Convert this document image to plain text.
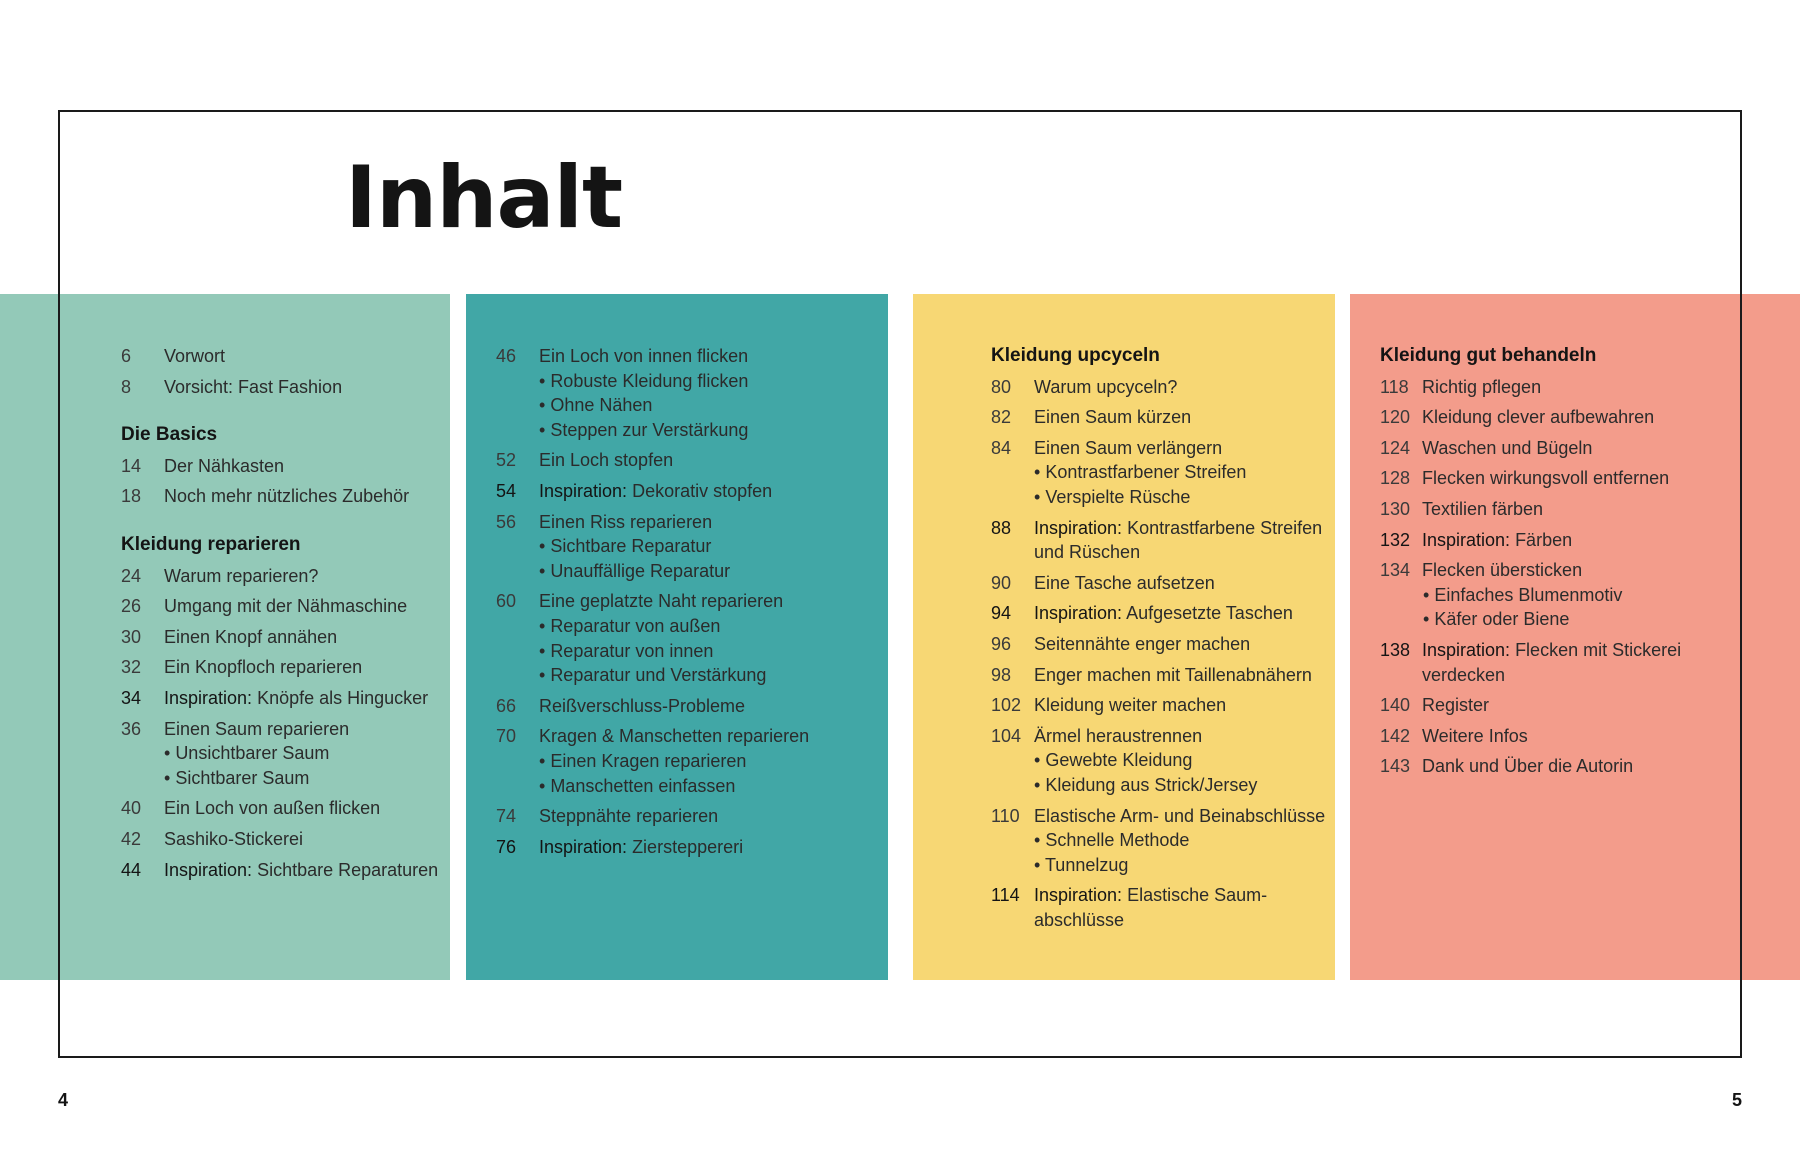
Inhalt
6	Vorwort
8	Vorsicht: Fast Fashion
Die Basics
14	Der Nähkasten
18	Noch mehr nützliches Zubehör
Kleidung reparieren
24	Warum reparieren?
26	Umgang mit der Nähmaschine
30	Einen Knopf annähen
32	Ein Knopfloch reparieren
34	Inspiration: Knöpfe als Hingucker
36	Einen Saum reparieren
• Unsichtbarer Saum
• Sichtbarer Saum
40	Ein Loch von außen flicken
42	Sashiko-Stickerei
44	Inspiration: Sichtbare Reparaturen
46	Ein Loch von innen flicken
• Robuste Kleidung flicken
• Ohne Nähen
• Steppen zur Verstärkung
52	Ein Loch stopfen
54	Inspiration: Dekorativ stopfen
56	Einen Riss reparieren
• Sichtbare Reparatur
• Unauffällige Reparatur
60	Eine geplatzte Naht reparieren
• Reparatur von außen
• Reparatur von innen
• Reparatur und Verstärkung
66	Reißverschluss-Probleme
70	Kragen & Manschetten reparieren
• Einen Kragen reparieren
• Manschetten einfassen
74	Steppnähte reparieren
76	Inspiration: Ziersteppereri
Kleidung upcyceln
80	Warum upcyceln?
82	Einen Saum kürzen
84	Einen Saum verlängern
• Kontrastfarbener Streifen
• Verspielte Rüsche
88	Inspiration: Kontrastfarbene Streifen und Rüschen
90	Eine Tasche aufsetzen
94	Inspiration: Aufgesetzte Taschen
96	Seitennähte enger machen
98	Enger machen mit Taillenabnähern
102 Kleidung weiter machen
104 Ärmel heraustrennen
• Gewebte Kleidung
• Kleidung aus Strick/Jersey
110 Elastische Arm- und Beinabschlüsse
• Schnelle Methode
• Tunnelzug
114 Inspiration: Elastische Saum-abschlüsse
Kleidung gut behandeln
118 Richtig pflegen
120 Kleidung clever aufbewahren
124 Waschen und Bügeln
128 Flecken wirkungsvoll entfernen
130 Textilien färben
132 Inspiration: Färben
134 Flecken übersticken
• Einfaches Blumenmotiv
• Käfer oder Biene
138 Inspiration: Flecken mit Stickerei verdecken
140 Register
142 Weitere Infos
143 Dank und Über die Autorin
4	5
